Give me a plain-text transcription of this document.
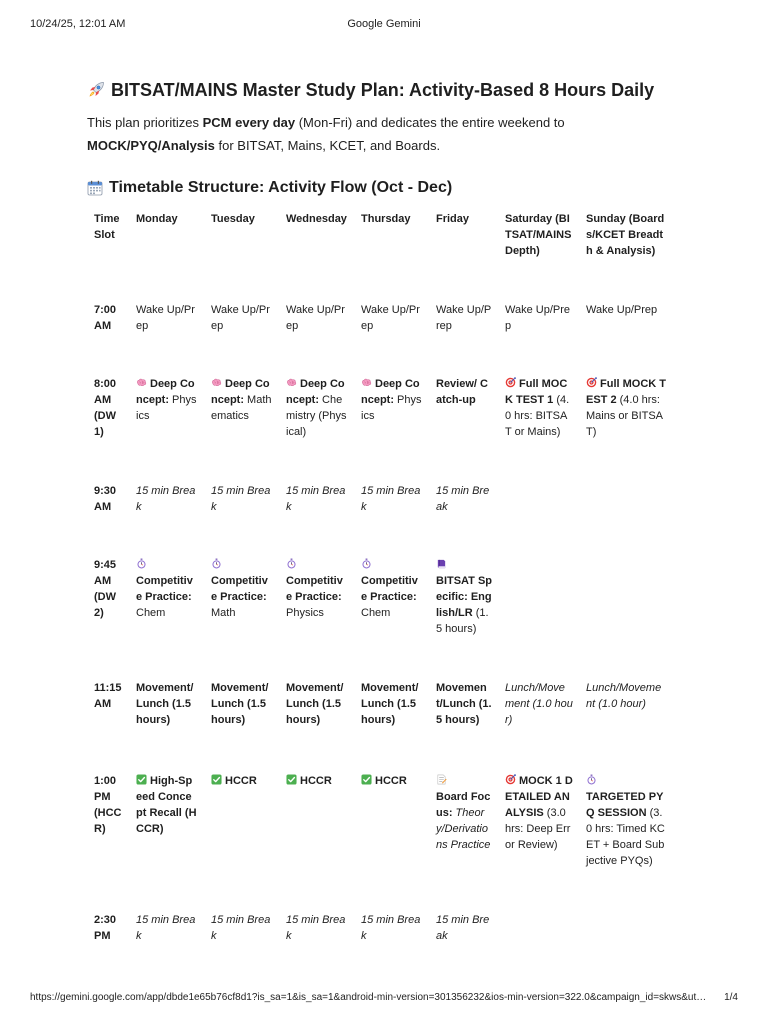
10/24/25, 12:01 AM	Google Gemini
BITSAT/MAINS Master Study Plan: Activity-Based 8 Hours Daily

This plan prioritizes PCM every day (Mon-Fri) and dedicates the entire weekend to
MOCK/PYQ/Analysis for BITSAT, Mains, KCET, and Boards.

Timetable Structure: Activity Flow (Oct - Dec)
Time Slot	Monday	Tuesday	Wednesday	Thursday	Friday	Saturday (BITSAT/MAINS Depth)	Sunday (Boards/KCET Breadth & Analysis)
7:00 AM	Wake Up/Prep	Wake Up/Prep	Wake Up/Prep	Wake Up/Prep	Wake Up/Prep	Wake Up/Prep	Wake Up/Prep
8:00 AM (DW 1)	Deep Concept: Physics	Deep Concept: Mathematics	Deep Concept: Chemistry (Physical)	Deep Concept: Physics	Review/ Catch-up	Full MOCK TEST 1 (4.0 hrs: BITSAT or Mains)	Full MOCK TEST 2 (4.0 hrs: Mains or BITSAT)
9:30 AM	15 min Break	15 min Break	15 min Break	15 min Break	15 min Break		
9:45 AM (DW 2)	Competitive Practice: Chem	Competitive Practice: Math	Competitive Practice: Physics	Competitive Practice: Chem	BITSAT Specific: English/LR (1.5 hours)		
11:15 AM	Movement/Lunch (1.5 hours)	Movement/Lunch (1.5 hours)	Movement/Lunch (1.5 hours)	Movement/Lunch (1.5 hours)	Movement/Lunch (1.5 hours)	Lunch/Movement (1.0 hour)	Lunch/Movement (1.0 hour)
1:00 PM (HCCR)	High-Speed Concept Recall (HCCR)	HCCR	HCCR	HCCR	Board Focus: Theory/Derivations Practice	MOCK 1 DETAILED ANALYSIS (3.0 hrs: Deep Error Review)	TARGETED PYQ SESSION (3.0 hrs: Timed KCET + Board Subjective PYQs)
2:30 PM	15 min Break	15 min Break	15 min Break	15 min Break	15 min Break		
https://gemini.google.com/app/dbde1e65b76cf8d1?is_sa=1&is_sa=1&android-min-version=301356232&ios-min-version=322.0&campaign_id=skws&ut… 1/4
